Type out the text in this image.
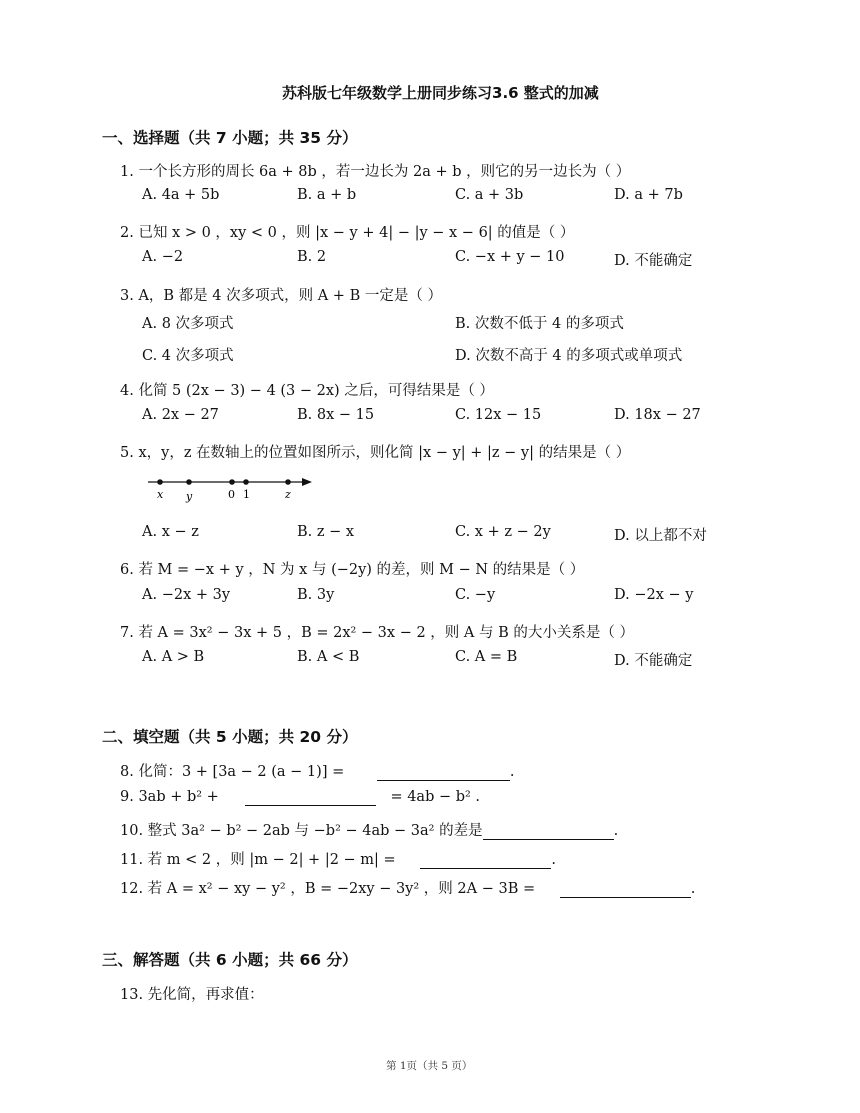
苏科版七年级数学上册同步练习3.6 整式的加减
一、选择题（共 7 小题；共 35 分）
1. 一个长方形的周长 6a + 8b ，若一边长为 2a + b ，则它的另一边长为（ ）
A. 4a + 5b	B. a + b	C. a + 3b	D. a + 7b
2. 已知 x > 0 ，xy < 0 ，则 |x − y + 4| − |y − x − 6| 的值是（ ）
A. −2	B. 2	C. −x + y − 10	D. 不能确定
3. A，B 都是 4 次多项式，则 A + B 一定是（ ）
A. 8 次多项式	B. 次数不低于 4 的多项式
C. 4 次多项式	D. 次数不高于 4 的多项式或单项式
4. 化简 5 (2x − 3) − 4 (3 − 2x) 之后，可得结果是（ ）
A. 2x − 27	B. 8x − 15	C. 12x − 15	D. 18x − 27
5. x，y，z 在数轴上的位置如图所示，则化简 |x − y| + |z − y| 的结果是（ ）
x y	0 1	z
A. x − z	B. z − x	C. x + z − 2y	D. 以上都不对
6. 若 M = −x + y ，N 为 x 与 (−2y) 的差，则 M − N 的结果是（ ）
A. −2x + 3y	B. 3y	C. −y	D. −2x − y
7. 若 A = 3x² − 3x + 5 ，B = 2x² − 3x − 2 ，则 A 与 B 的大小关系是（ ）
A. A > B	B. A < B	C. A = B	D. 不能确定
二、填空题（共 5 小题；共 20 分）
8. 化简：3 + [3a − 2 (a − 1)] =	.
9. 3ab + b² +	= 4ab − b² .
10. 整式 3a² − b² − 2ab 与 −b² − 4ab − 3a² 的差是	.
11. 若 m < 2 ，则 |m − 2| + |2 − m| =	.
12. 若 A = x² − xy − y² ，B = −2xy − 3y² ，则 2A − 3B =	.
三、解答题（共 6 小题；共 66 分）
13. 先化简，再求值：
第 1页（共 5 页）
